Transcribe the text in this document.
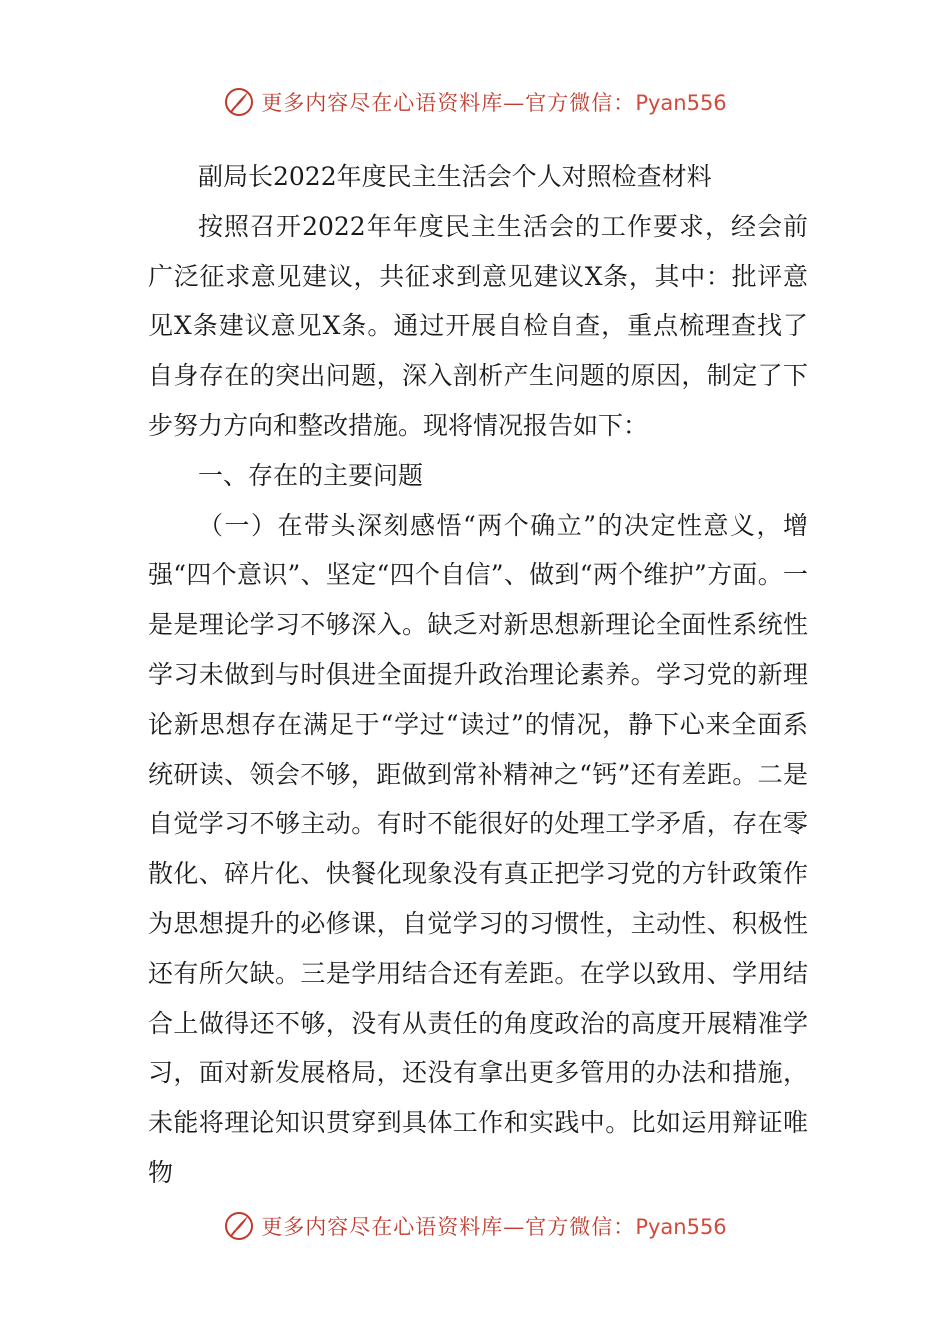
更多内容尽在心语资料库—官方微信：Pyan556

副局长2022年度民主生活会个人对照检查材料

按照召开2022年年度民主生活会的工作要求，经会前广泛征求意见建议，共征求到意见建议X条，其中：批评意见X条建议意见X条。通过开展自检自查，重点梳理查找了自身存在的突出问题，深入剖析产生问题的原因，制定了下步努力方向和整改措施。现将情况报告如下：

一、存在的主要问题

（一）在带头深刻感悟“两个确立”的决定性意义，增强“四个意识”、坚定“四个自信”、做到“两个维护”方面。一是是理论学习不够深入。缺乏对新思想新理论全面性系统性学习未做到与时俱进全面提升政治理论素养。学习党的新理论新思想存在满足于“学过“读过”的情况，静下心来全面系统研读、领会不够，距做到常补精神之“钙”还有差距。二是自觉学习不够主动。有时不能很好的处理工学矛盾，存在零散化、碎片化、快餐化现象没有真正把学习党的方针政策作为思想提升的必修课，自觉学习的习惯性，主动性、积极性还有所欠缺。三是学用结合还有差距。在学以致用、学用结合上做得还不够，没有从责任的角度政治的高度开展精准学习，面对新发展格局，还没有拿出更多管用的办法和措施，未能将理论知识贯穿到具体工作和实践中。比如运用辩证唯物

更多内容尽在心语资料库—官方微信：Pyan556
